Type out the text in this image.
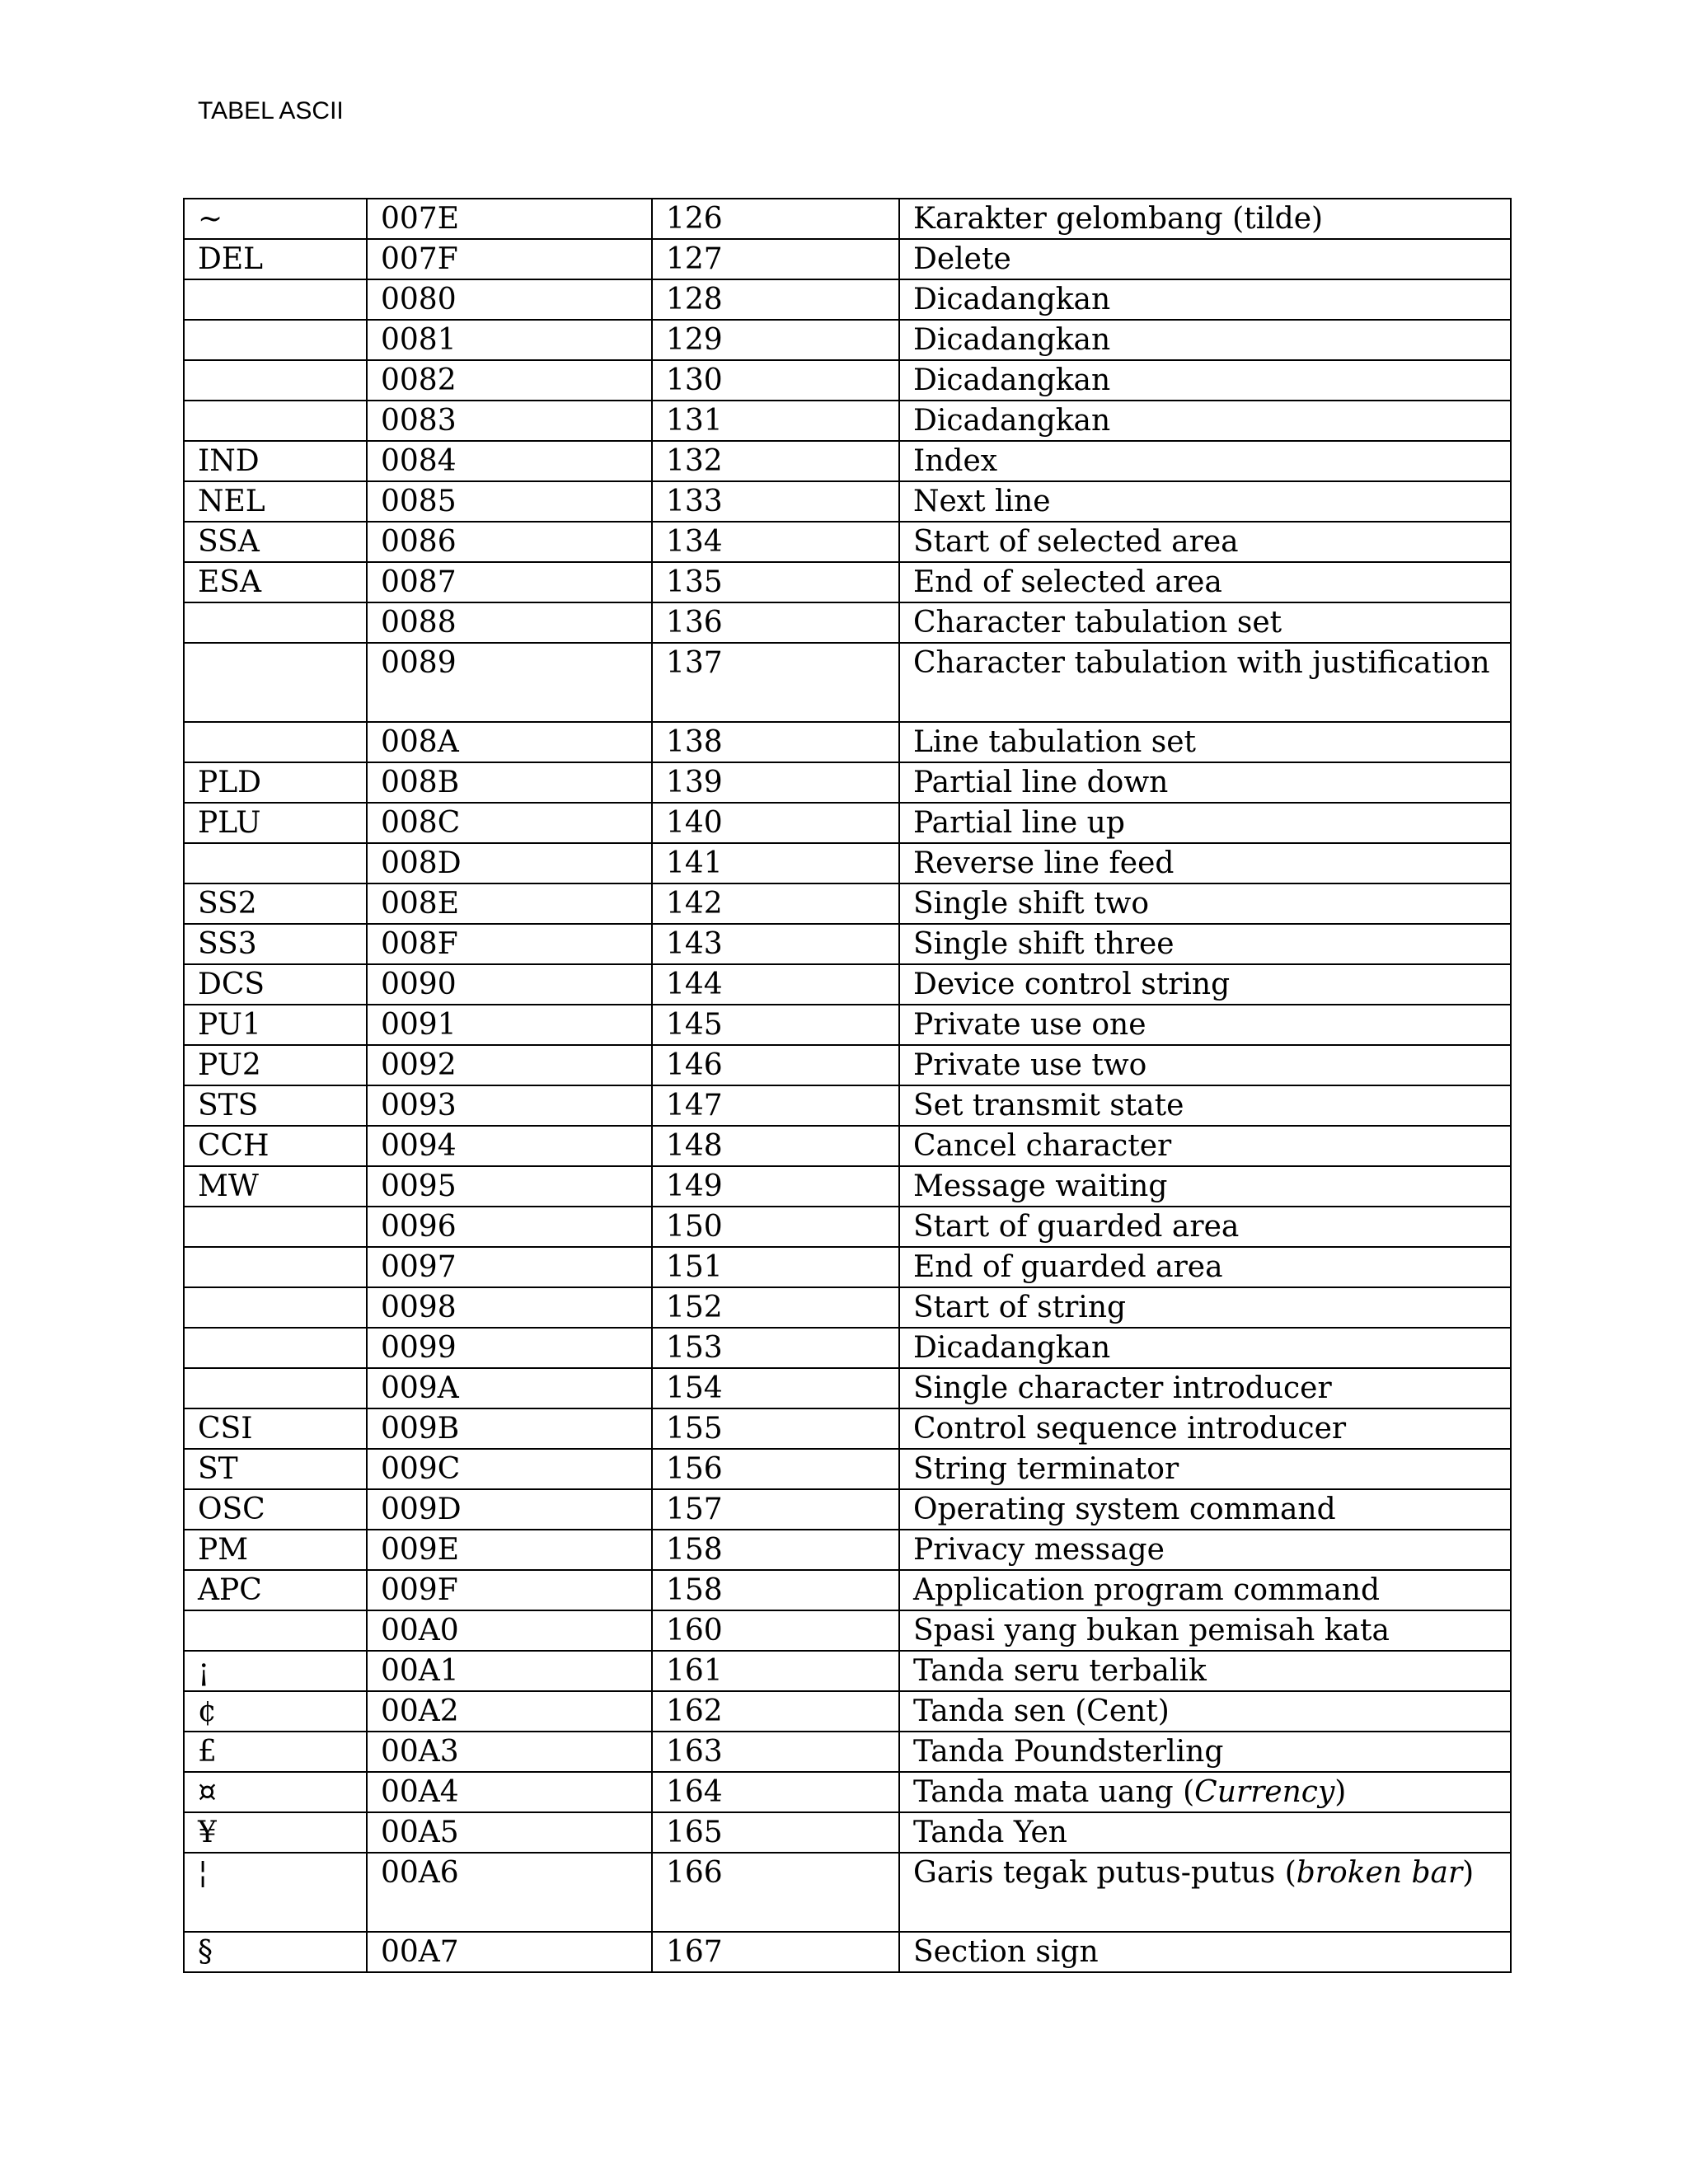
TABEL ASCII
~	007E	126	Karakter gelombang (tilde)
DEL	007F	127	Delete
	0080	128	Dicadangkan
	0081	129	Dicadangkan
	0082	130	Dicadangkan
	0083	131	Dicadangkan
IND	0084	132	Index
NEL	0085	133	Next line
SSA	0086	134	Start of selected area
ESA	0087	135	End of selected area
	0088	136	Character tabulation set
	0089	137	Character tabulation with justification
	008A	138	Line tabulation set
PLD	008B	139	Partial line down
PLU	008C	140	Partial line up
	008D	141	Reverse line feed
SS2	008E	142	Single shift two
SS3	008F	143	Single shift three
DCS	0090	144	Device control string
PU1	0091	145	Private use one
PU2	0092	146	Private use two
STS	0093	147	Set transmit state
CCH	0094	148	Cancel character
MW	0095	149	Message waiting
	0096	150	Start of guarded area
	0097	151	End of guarded area
	0098	152	Start of string
	0099	153	Dicadangkan
	009A	154	Single character introducer
CSI	009B	155	Control sequence introducer
ST	009C	156	String terminator
OSC	009D	157	Operating system command
PM	009E	158	Privacy message
APC	009F	158	Application program command
	00A0	160	Spasi yang bukan pemisah kata
¡	00A1	161	Tanda seru terbalik
¢	00A2	162	Tanda sen (Cent)
£	00A3	163	Tanda Poundsterling
¤	00A4	164	Tanda mata uang (Currency)
¥	00A5	165	Tanda Yen
¦	00A6	166	Garis tegak putus-putus (broken bar)
§	00A7	167	Section sign
